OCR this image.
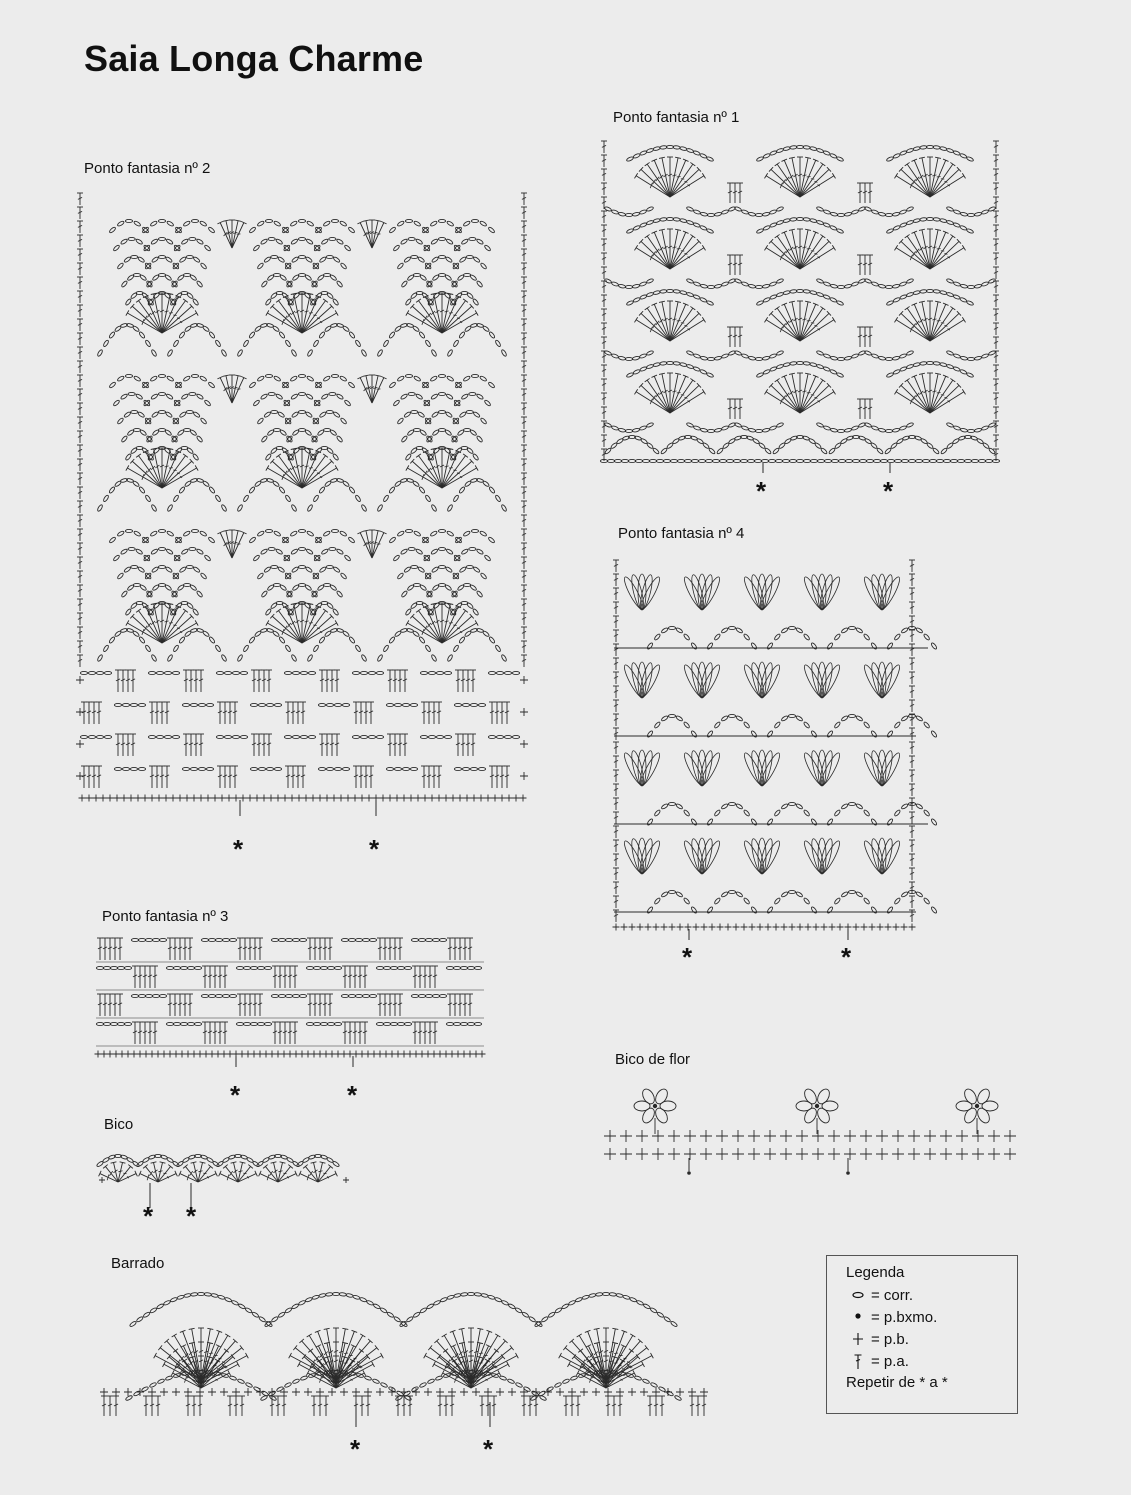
Saia Longa Charme
Ponto fantasia nº 2
*	*
Ponto fantasia nº 1
*	*
Ponto fantasia nº 4
*	*
Ponto fantasia nº 3
*	*
Bico de flor
Bico
* *
Barrado
*	*
Legenda
= corr.
= p.bxmo.
= p.b.
= p.a.
Repetir de * a *
